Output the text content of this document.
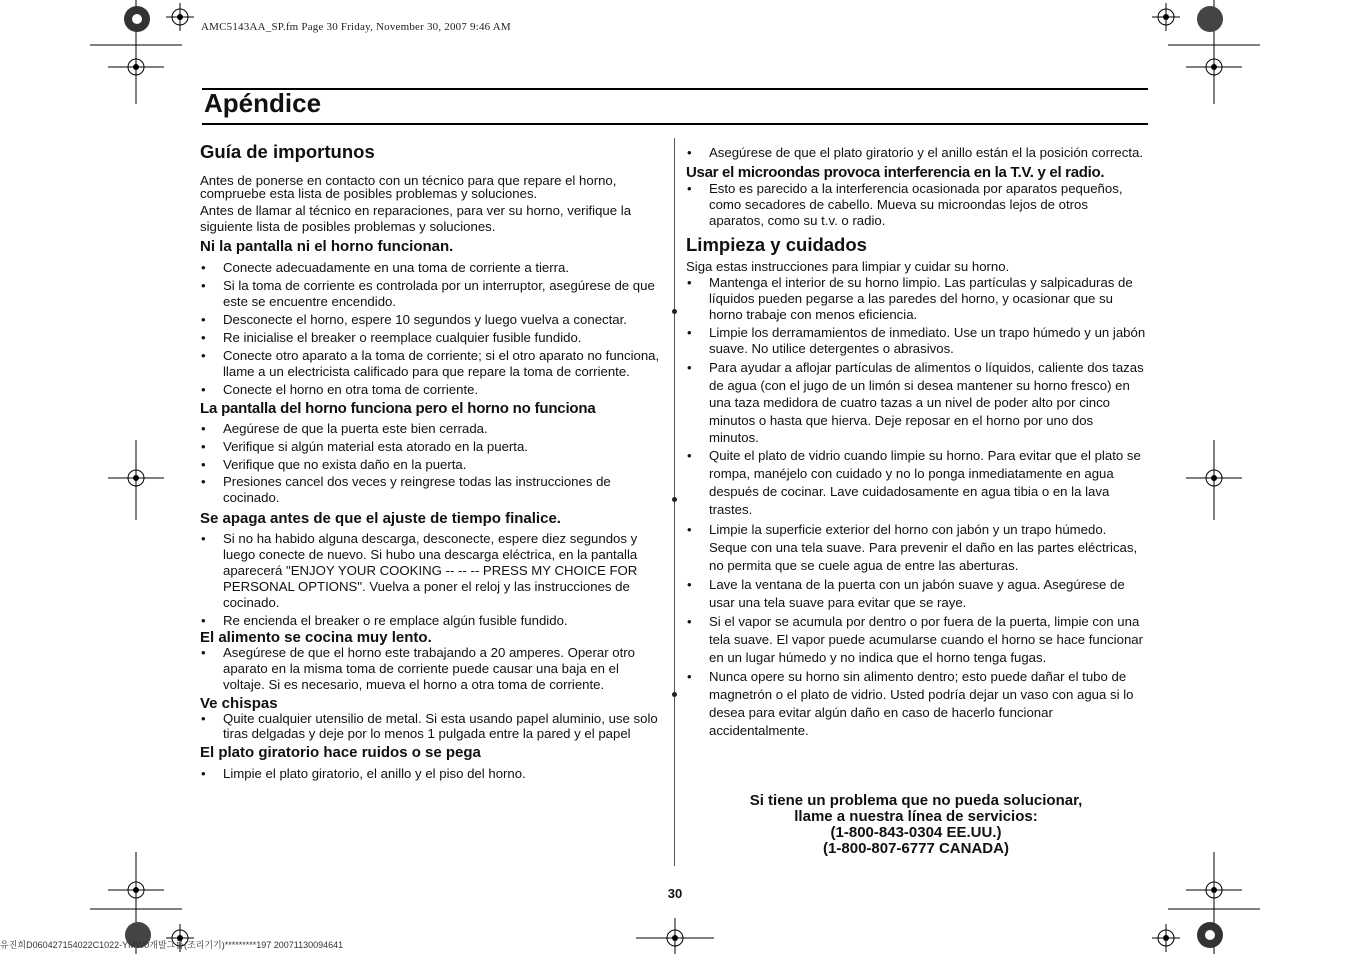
AMC5143AA_SP.fm Page 30 Friday, November 30, 2007 9:46 AM
Apéndice

Guía de importunos

Antes de ponerse en contacto con un técnico para que repare el horno, compruebe esta lista de posibles problemas y soluciones.

Antes de llamar al técnico en reparaciones, para ver su horno, verifique la siguiente lista de posibles problemas y soluciones.

Ni la pantalla ni el horno funcionan.

• Conecte adecuadamente en una toma de corriente a tierra.
• Si la toma de corriente es controlada por un interruptor, asegúrese de que este se encuentre encendido.
• Desconecte el horno, espere 10 segundos y luego vuelva a conectar.
• Re inicialise el breaker o reemplace cualquier fusible fundido.
• Conecte otro aparato a la toma de corriente; si el otro aparato no funciona, llame a un electricista calificado para que repare la toma de corriente.
• Conecte el horno en otra toma de corriente.

La pantalla del horno funciona pero el horno no funciona

• Aegúrese de que la puerta este bien cerrada.
• Verifique si algún material esta atorado en la puerta.
• Verifique que no exista daño en la puerta.
• Presiones cancel dos veces y reingrese todas las instrucciones de cocinado.

Se apaga antes de que el ajuste de tiempo finalice.

• Si no ha habido alguna descarga, desconecte, espere diez segundos y luego conecte de nuevo. Si hubo una descarga eléctrica, en la pantalla aparecerá "ENJOY YOUR COOKING -- -- -- PRESS MY CHOICE FOR PERSONAL OPTIONS". Vuelva a poner el reloj y las instrucciones de cocinado.
• Re encienda el breaker o re emplace algún fusible fundido.

El alimento se cocina muy lento.

• Asegúrese de que el horno este trabajando a 20 amperes. Operar otro aparato en la misma toma de corriente puede causar una baja en el voltaje. Si es necesario, mueva el horno a otra toma de corriente.

Ve chispas

• Quite cualquier utensilio de metal. Si esta usando papel aluminio, use solo tiras delgadas y deje por lo menos 1 pulgada entre la pared y el papel

El plato giratorio hace ruidos o se pega

• Limpie el plato giratorio, el anillo y el piso del horno.
• Asegúrese de que el plato giratorio y el anillo están el la posición correcta.

Usar el microondas provoca interferencia en la T.V. y el radio.

• Esto es parecido a la interferencia ocasionada por aparatos pequeños, como secadores de cabello. Mueva su microondas lejos de otros aparatos, como su t.v. o radio.

Limpieza y cuidados

Siga estas instrucciones para limpiar y cuidar su horno.

• Mantenga el interior de su horno limpio. Las partículas y salpicaduras de líquidos pueden pegarse a las paredes del horno, y ocasionar que su horno trabaje con menos eficiencia.
• Limpie los derramamientos de inmediato. Use un trapo húmedo y un jabón suave. No utilice detergentes o abrasivos.
• Para ayudar a aflojar partículas de alimentos o líquidos, caliente dos tazas de agua (con el jugo de un limón si desea mantener su horno fresco) en una taza medidora de cuatro tazas a un nivel de poder alto por cinco minutos o hasta que hierva. Deje reposar en el horno por uno dos minutos.
• Quite el plato de vidrio cuando limpie su horno. Para evitar que el plato se rompa, manéjelo con cuidado y no lo ponga inmediatamente en agua después de cocinar. Lave cuidadosamente en agua tibia o en la lava trastes.
• Limpie la superficie exterior del horno con jabón y un trapo húmedo. Seque con una tela suave. Para prevenir el daño en las partes eléctricas, no permita que se cuele agua de entre las aberturas.
• Lave la ventana de la puerta con un jabón suave y agua. Asegúrese de usar una tela suave para evitar que se raye.
• Si el vapor se acumula por dentro o por fuera de la puerta, limpie con una tela suave. El vapor puede acumularse cuando el horno se hace funcionar en un lugar húmedo y no indica que el horno tenga fugas.
• Nunca opere su horno sin alimento dentro; esto puede dañar el tubo de magnetrón o el plato de vidrio. Usted podría dejar un vaso con agua si lo desea para evitar algún daño en caso de hacerlo funcionar accidentalmente.
Si tiene un problema que no pueda solucionar,
llame a nuestra línea de servicios:
(1-800-843-0304 EE.UU.)
(1-800-807-6777 CANADA)
30
유진희D060427154022C1022-YMW0개발그룹(조리기기)*********197 20071130094641
